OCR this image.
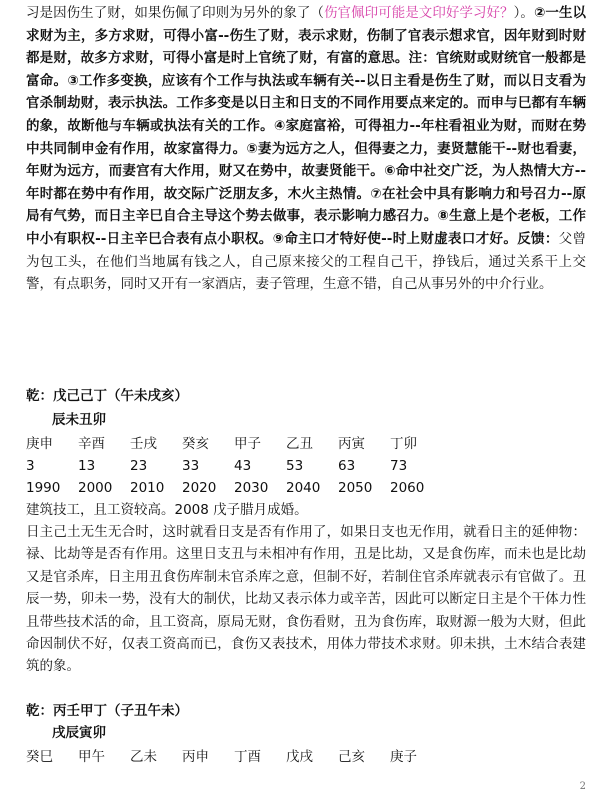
习是因伤生了财，如果伤佩了印则为另外的象了（伤官佩印可能是文印好学习好？）。②一生以求财为主，多方求财，可得小富--伤生了财，表示求财，伤制了官表示想求官，因年财到时财都是财，故多方求财，可得小富是时上官统了财，有富的意思。注：官统财或财统官一般都是富命。③工作多变换，应该有个工作与执法或车辆有关--以日主看是伤生了财，而以日支看为官杀制劫财，表示执法。工作多变是以日主和日支的不同作用要点来定的。而申与巳都有车辆的象，故断他与车辆或执法有关的工作。④家庭富裕，可得祖力--年柱看祖业为财，而财在势中共同制申金有作用，故家富得力。⑤妻为远方之人，但得妻之力，妻贤慧能干--财也看妻，年财为远方，而妻宫有大作用，财又在势中，故妻贤能干。⑥命中社交广泛，为人热情大方--年时都在势中有作用，故交际广泛朋友多，木火主热情。⑦在社会中具有影响力和号召力--原局有气势，而日主辛巳自合主导这个势去做事，表示影响力感召力。⑧生意上是个老板，工作中小有职权--日主辛巳合表有点小职权。⑨命主口才特好使--时上财虚表口才好。反馈：父曾为包工头，在他们当地属有钱之人，自己原来接父的工程自己干，挣钱后，通过关系干上交警，有点职务，同时又开有一家酒店，妻子管理，生意不错，自己从事另外的中介行业。
乾：戊己己丁（午未戌亥）
辰未丑卯
庚申 辛酉 壬戌 癸亥 甲子 乙丑 丙寅 丁卯
3	13	23	33	43	53	63	73
1990 2000 2010 2020 2030 2040 2050 2060
建筑技工，且工资较高。2008 戊子腊月成婚。
日主己土无生无合时，这时就看日支是否有作用了，如果日支也无作用，就看日主的延伸物：禄、比劫等是否有作用。这里日支丑与未相冲有作用，丑是比劫，又是食伤库，而未也是比劫又是官杀库，日主用丑食伤库制未官杀库之意，但制不好，若制住官杀库就表示有官做了。丑辰一势，卯未一势，没有大的制伏，比劫又表示体力或辛苦，因此可以断定日主是个干体力性且带些技术活的命，且工资高，原局无财，食伤看财，丑为食伤库，取财源一般为大财，但此命因制伏不好，仅表工资高而已，食伤又表技术，用体力带技术求财。卯未拱，土木结合表建筑的象。
乾：丙壬甲丁（子丑午未）
戌辰寅卯
癸巳 甲午 乙未 丙申 丁酉 戊戌 己亥 庚子
2
